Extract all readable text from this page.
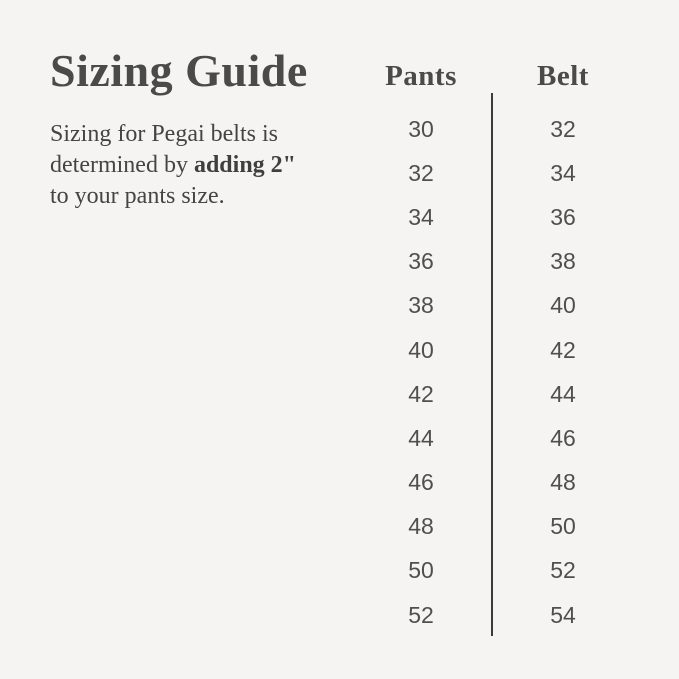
Sizing Guide

Sizing for Pegai belts is
determined by adding 2"
to your pants size.

Pants
30
32
34
36
38
40
42
44
46
48
50
52
Belt
32
34
36
38
40
42
44
46
48
50
52
54
